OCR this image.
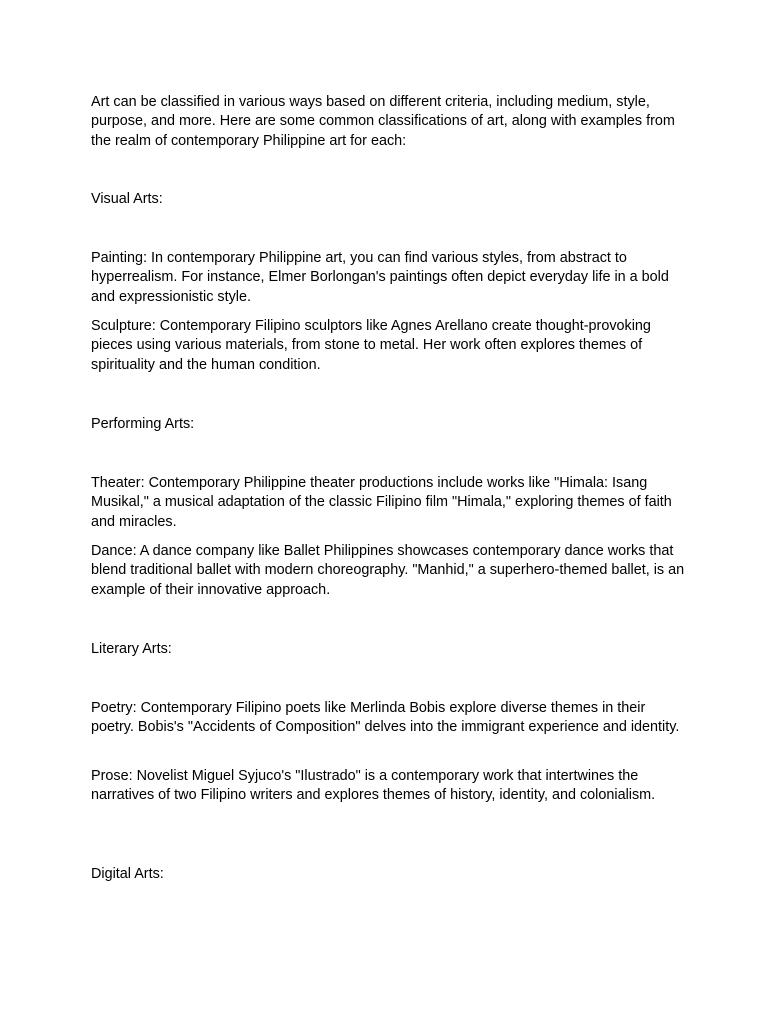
Art can be classified in various ways based on different criteria, including medium, style, purpose, and more. Here are some common classifications of art, along with examples from the realm of contemporary Philippine art for each:

Visual Arts:

Painting: In contemporary Philippine art, you can find various styles, from abstract to hyperrealism. For instance, Elmer Borlongan's paintings often depict everyday life in a bold and expressionistic style.

Sculpture: Contemporary Filipino sculptors like Agnes Arellano create thought-provoking pieces using various materials, from stone to metal. Her work often explores themes of spirituality and the human condition.

Performing Arts:

Theater: Contemporary Philippine theater productions include works like "Himala: Isang Musikal," a musical adaptation of the classic Filipino film "Himala," exploring themes of faith and miracles.

Dance: A dance company like Ballet Philippines showcases contemporary dance works that blend traditional ballet with modern choreography. "Manhid," a superhero-themed ballet, is an example of their innovative approach.

Literary Arts:

Poetry: Contemporary Filipino poets like Merlinda Bobis explore diverse themes in their poetry. Bobis's "Accidents of Composition" delves into the immigrant experience and identity.

Prose: Novelist Miguel Syjuco's "Ilustrado" is a contemporary work that intertwines the narratives of two Filipino writers and explores themes of history, identity, and colonialism.

Digital Arts:
